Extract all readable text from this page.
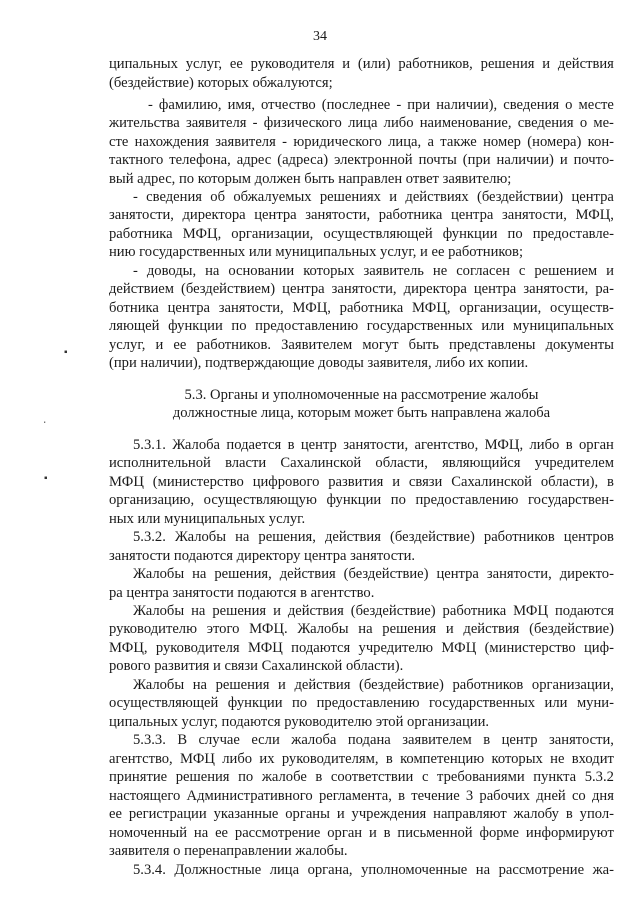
34
ципальных услуг, ее руководителя и (или) работников, решения и действия
(бездействие) которых обжалуются;
- фамилию, имя, отчество (последнее - при наличии), сведения о месте
жительства заявителя - физического лица либо наименование, сведения о ме-
сте нахождения заявителя - юридического лица, а также номер (номера) кон-
тактного телефона, адрес (адреса) электронной почты (при наличии) и почто-
вый адрес, по которым должен быть направлен ответ заявителю;
- сведения об обжалуемых решениях и действиях (бездействии) центра
занятости, директора центра занятости, работника центра занятости, МФЦ,
работника МФЦ, организации, осуществляющей функции по предоставле-
нию государственных или муниципальных услуг, и ее работников;
- доводы, на основании которых заявитель не согласен с решением и
действием (бездействием) центра занятости, директора центра занятости, ра-
ботника центра занятости, МФЦ, работника МФЦ, организации, осуществ-
ляющей функции по предоставлению государственных или муниципальных
услуг, и ее работников. Заявителем могут быть представлены документы
(при наличии), подтверждающие доводы заявителя, либо их копии.
5.3. Органы и уполномоченные на рассмотрение жалобы
должностные лица, которым может быть направлена жалоба
5.3.1. Жалоба подается в центр занятости, агентство, МФЦ, либо в орган
исполнительной власти Сахалинской области, являющийся учредителем
МФЦ (министерство цифрового развития и связи Сахалинской области), в
организацию, осуществляющую функции по предоставлению государствен-
ных или муниципальных услуг.
5.3.2. Жалобы на решения, действия (бездействие) работников центров
занятости подаются директору центра занятости.
Жалобы на решения, действия (бездействие) центра занятости, директо-
ра центра занятости подаются в агентство.
Жалобы на решения и действия (бездействие) работника МФЦ подаются
руководителю этого МФЦ. Жалобы на решения и действия (бездействие)
МФЦ, руководителя МФЦ подаются учредителю МФЦ (министерство циф-
рового развития и связи Сахалинской области).
Жалобы на решения и действия (бездействие) работников организации,
осуществляющей функции по предоставлению государственных или муни-
ципальных услуг, подаются руководителю этой организации.
5.3.3. В случае если жалоба подана заявителем в центр занятости,
агентство, МФЦ либо их руководителям, в компетенцию которых не входит
принятие решения по жалобе в соответствии с требованиями пункта 5.3.2
настоящего Административного регламента, в течение 3 рабочих дней со дня
ее регистрации указанные органы и учреждения направляют жалобу в упол-
номоченный на ее рассмотрение орган и в письменной форме информируют
заявителя о перенаправлении жалобы.
5.3.4. Должностные лица органа, уполномоченные на рассмотрение жа-
▪
٠
▪
